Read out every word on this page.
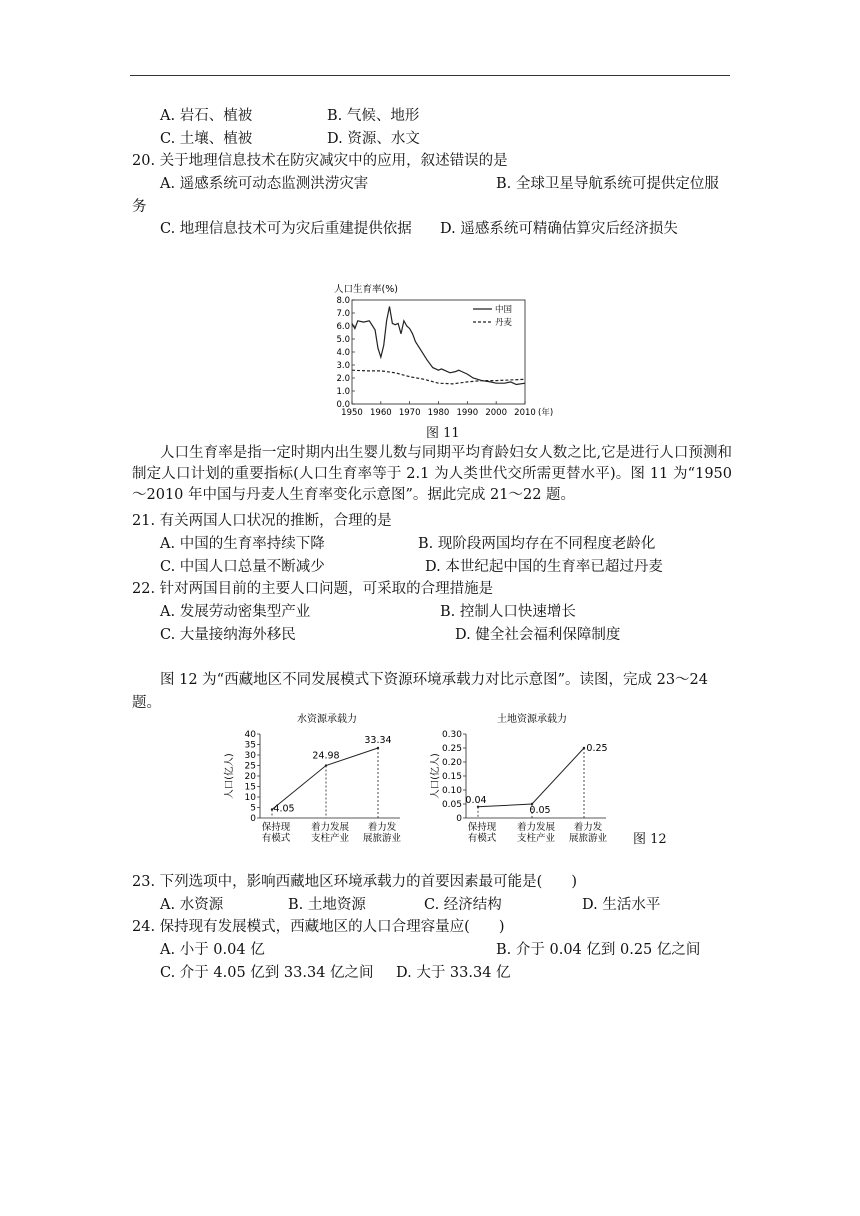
A. 岩石、植被	B. 气候、地形
C. 土壤、植被	D. 资源、水文
20. 关于地理信息技术在防灾减灾中的应用，叙述错误的是
A. 遥感系统可动态监测洪涝灾害	B. 全球卫星导航系统可提供定位服
务
C. 地理信息技术可为灾后重建提供依据 D. 遥感系统可精确估算灾后经济损失
人口生育率(%)
0.0
1.0
2.0
3.0
4.0
5.0
6.0
7.0
8.0
1950 1960 1970 1980 1990 2000 2010 (年)
中国
丹麦
图 11
人口生育率是指一定时期内出生婴儿数与同期平均育龄妇女人数之比,它是进行人口预测和制定人口计划的重要指标(人口生育率等于 2.1 为人类世代交所需更替水平)。图 11 为“1950～2010 年中国与丹麦人生育率变化示意图”。据此完成 21～22 题。
21. 有关两国人口状况的推断，合理的是
A. 中国的生育率持续下降	B. 现阶段两国均存在不同程度老龄化
C. 中国人口总量不断减少	D. 本世纪起中国的生育率已超过丹麦
22. 针对两国目前的主要人口问题，可采取的合理措施是
A. 发展劳动密集型产业	B. 控制人口快速增长
C. 大量接纳海外移民	D. 健全社会福利保障制度
图 12 为“西藏地区不同发展模式下资源环境承载力对比示意图”。读图，完成 23～24
题。
水资源承载力	土地资源承载力
0
5
10
15
20
25
30
35
40
人口(亿人)
4.05
24.98
33.34
保持现
有模式
着力发展
支柱产业
着力发
展旅游业
0
0.05
0.10
0.15
0.20
0.25
0.30
人口(亿人)
0.04
0.05
0.25
保持现
有模式
着力发展
支柱产业
着力发
展旅游业 图 12
23. 下列选项中，影响西藏地区环境承载力的首要因素最可能是(　　)
A. 水资源	B. 土地资源	C. 经济结构	D. 生活水平
24. 保持现有发展模式，西藏地区的人口合理容量应(　　)
A. 小于 0.04 亿	B. 介于 0.04 亿到 0.25 亿之间
C. 介于 4.05 亿到 33.34 亿之间 D. 大于 33.34 亿
